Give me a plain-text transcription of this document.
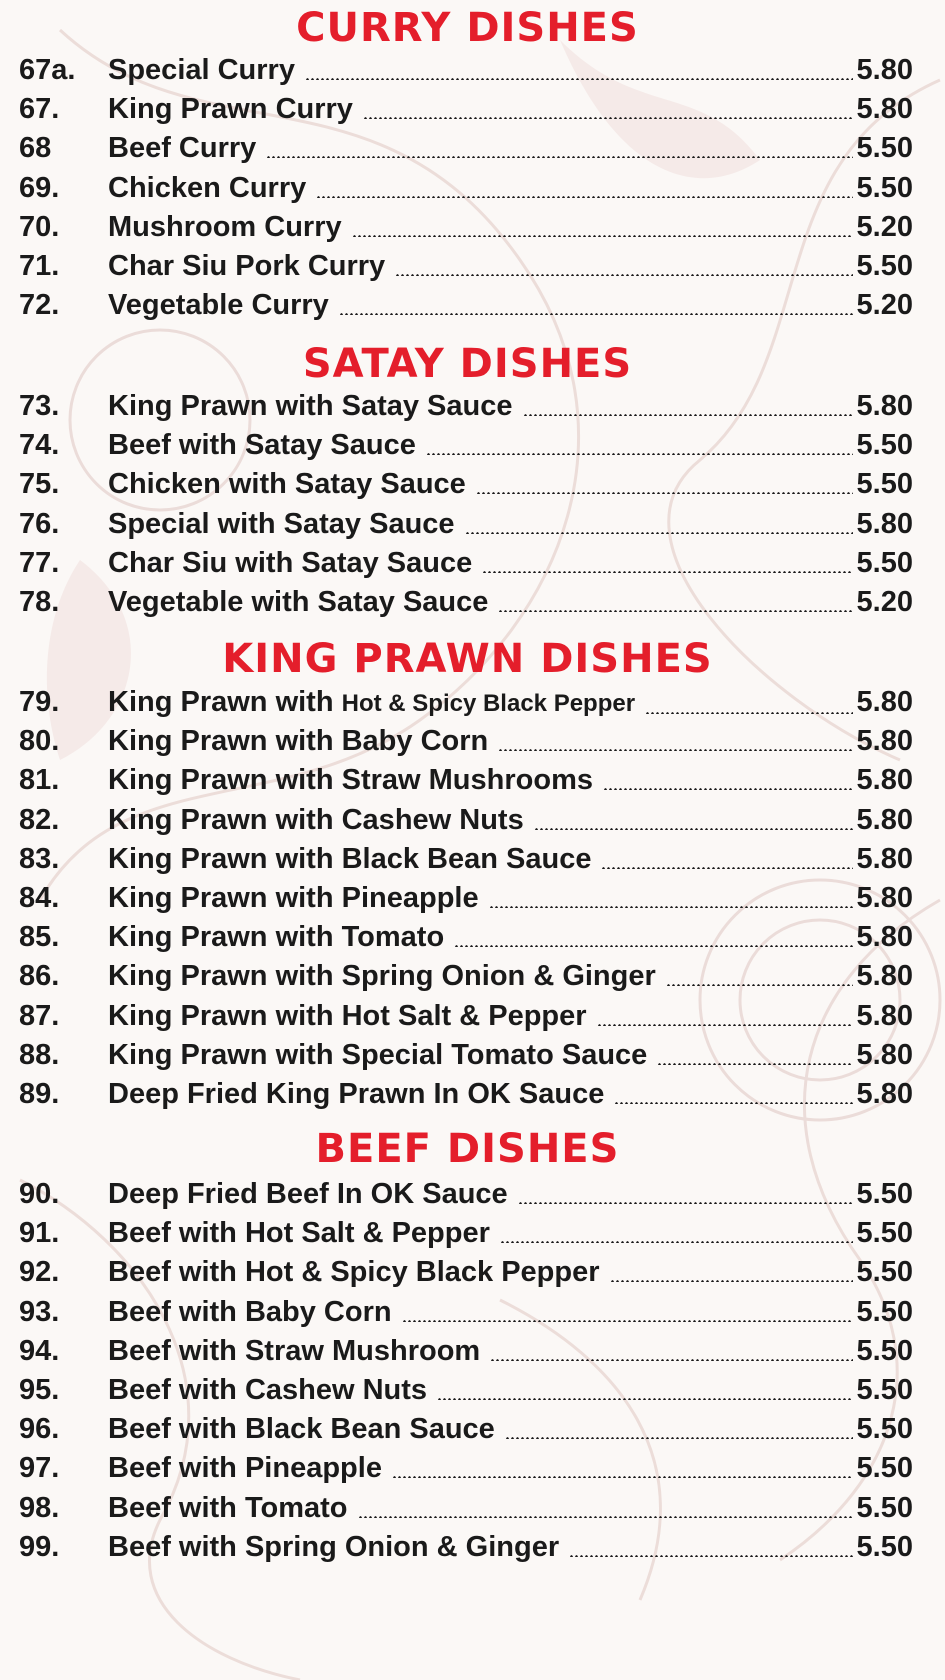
CURRY DISHES
67a. Special Curry	5.80
67. King Prawn Curry	5.80
68 Beef Curry	5.50
69. Chicken Curry	5.50
70. Mushroom Curry	5.20
71. Char Siu Pork Curry	5.50
72. Vegetable Curry	5.20
SATAY DISHES
73. King Prawn with Satay Sauce	5.80
74. Beef with Satay Sauce	5.50
75. Chicken with Satay Sauce	5.50
76. Special with Satay Sauce	5.80
77. Char Siu with Satay Sauce	5.50
78. Vegetable with Satay Sauce	5.20
KING PRAWN DISHES
79. King Prawn with Hot & Spicy Black Pepper	5.80
80. King Prawn with Baby Corn	5.80
81. King Prawn with Straw Mushrooms	5.80
82. King Prawn with Cashew Nuts	5.80
83. King Prawn with Black Bean Sauce	5.80
84. King Prawn with Pineapple	5.80
85. King Prawn with Tomato	5.80
86. King Prawn with Spring Onion & Ginger	5.80
87. King Prawn with Hot Salt & Pepper	5.80
88. King Prawn with Special Tomato Sauce	5.80
89. Deep Fried King Prawn In OK Sauce	5.80
BEEF DISHES
90. Deep Fried Beef In OK Sauce	5.50
91. Beef with Hot Salt & Pepper	5.50
92. Beef with Hot & Spicy Black Pepper	5.50
93. Beef with Baby Corn	5.50
94. Beef with Straw Mushroom	5.50
95. Beef with Cashew Nuts	5.50
96. Beef with Black Bean Sauce	5.50
97. Beef with Pineapple	5.50
98. Beef with Tomato	5.50
99. Beef with Spring Onion & Ginger	5.50
